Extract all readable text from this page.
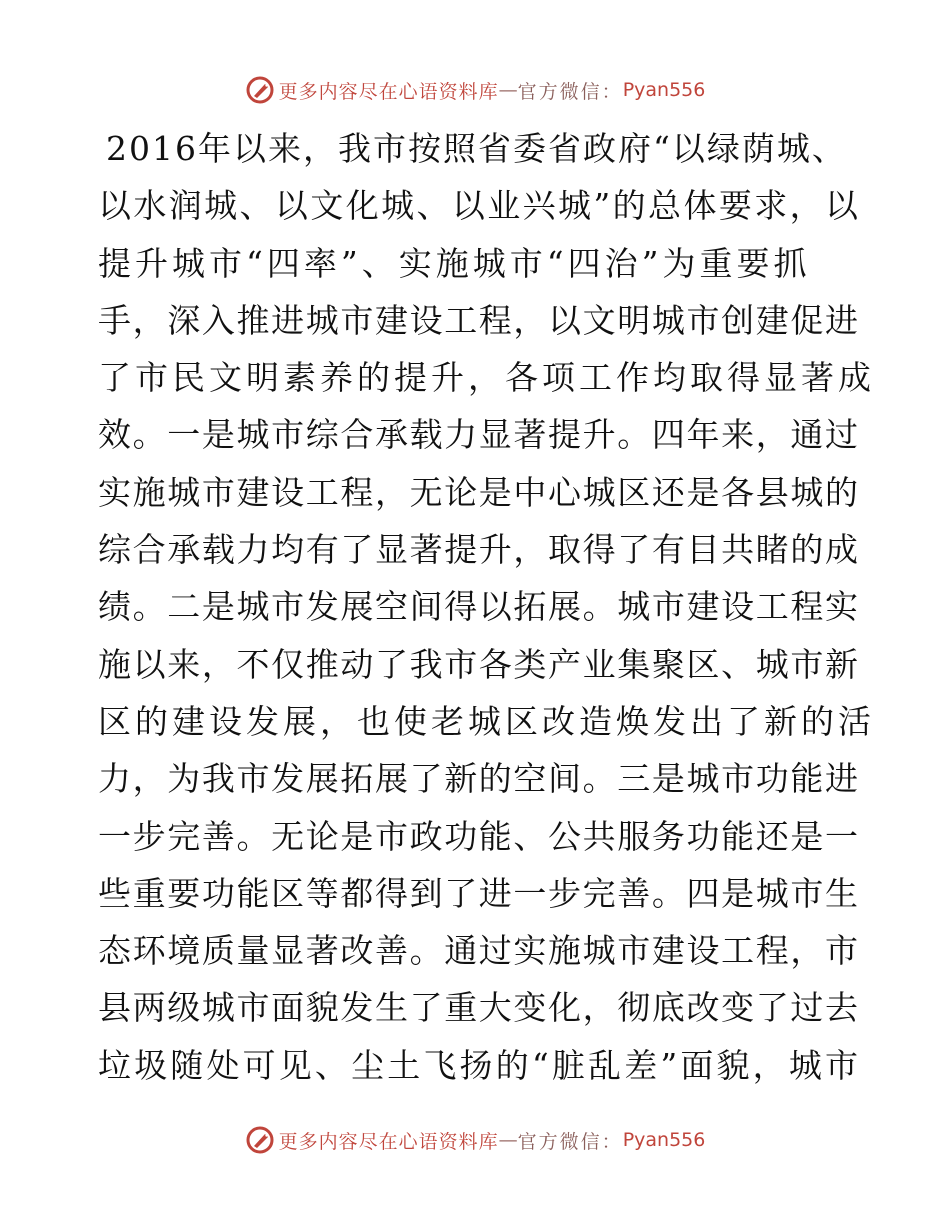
更多内容尽在心语资料库 — 官方微信： Pyan556
2016年以来，我市按照省委省政府“以绿荫城、
以水润城、以文化城、以业兴城”的总体要求，以
提升城市“四率”、实施城市“四治”为重要抓
手，深入推进城市建设工程，以文明城市创建促进
了市民文明素养的提升，各项工作均取得显著成
效。一是城市综合承载力显著提升。四年来，通过
实施城市建设工程，无论是中心城区还是各县城的
综合承载力均有了显著提升，取得了有目共睹的成
绩。二是城市发展空间得以拓展。城市建设工程实
施以来，不仅推动了我市各类产业集聚区、城市新
区的建设发展，也使老城区改造焕发出了新的活
力，为我市发展拓展了新的空间。三是城市功能进
一步完善。无论是市政功能、公共服务功能还是一
些重要功能区等都得到了进一步完善。四是城市生
态环境质量显著改善。通过实施城市建设工程，市
县两级城市面貌发生了重大变化，彻底改变了过去
垃圾随处可见、尘土飞扬的“脏乱差”面貌，城市
更多内容尽在心语资料库 — 官方微信： Pyan556
